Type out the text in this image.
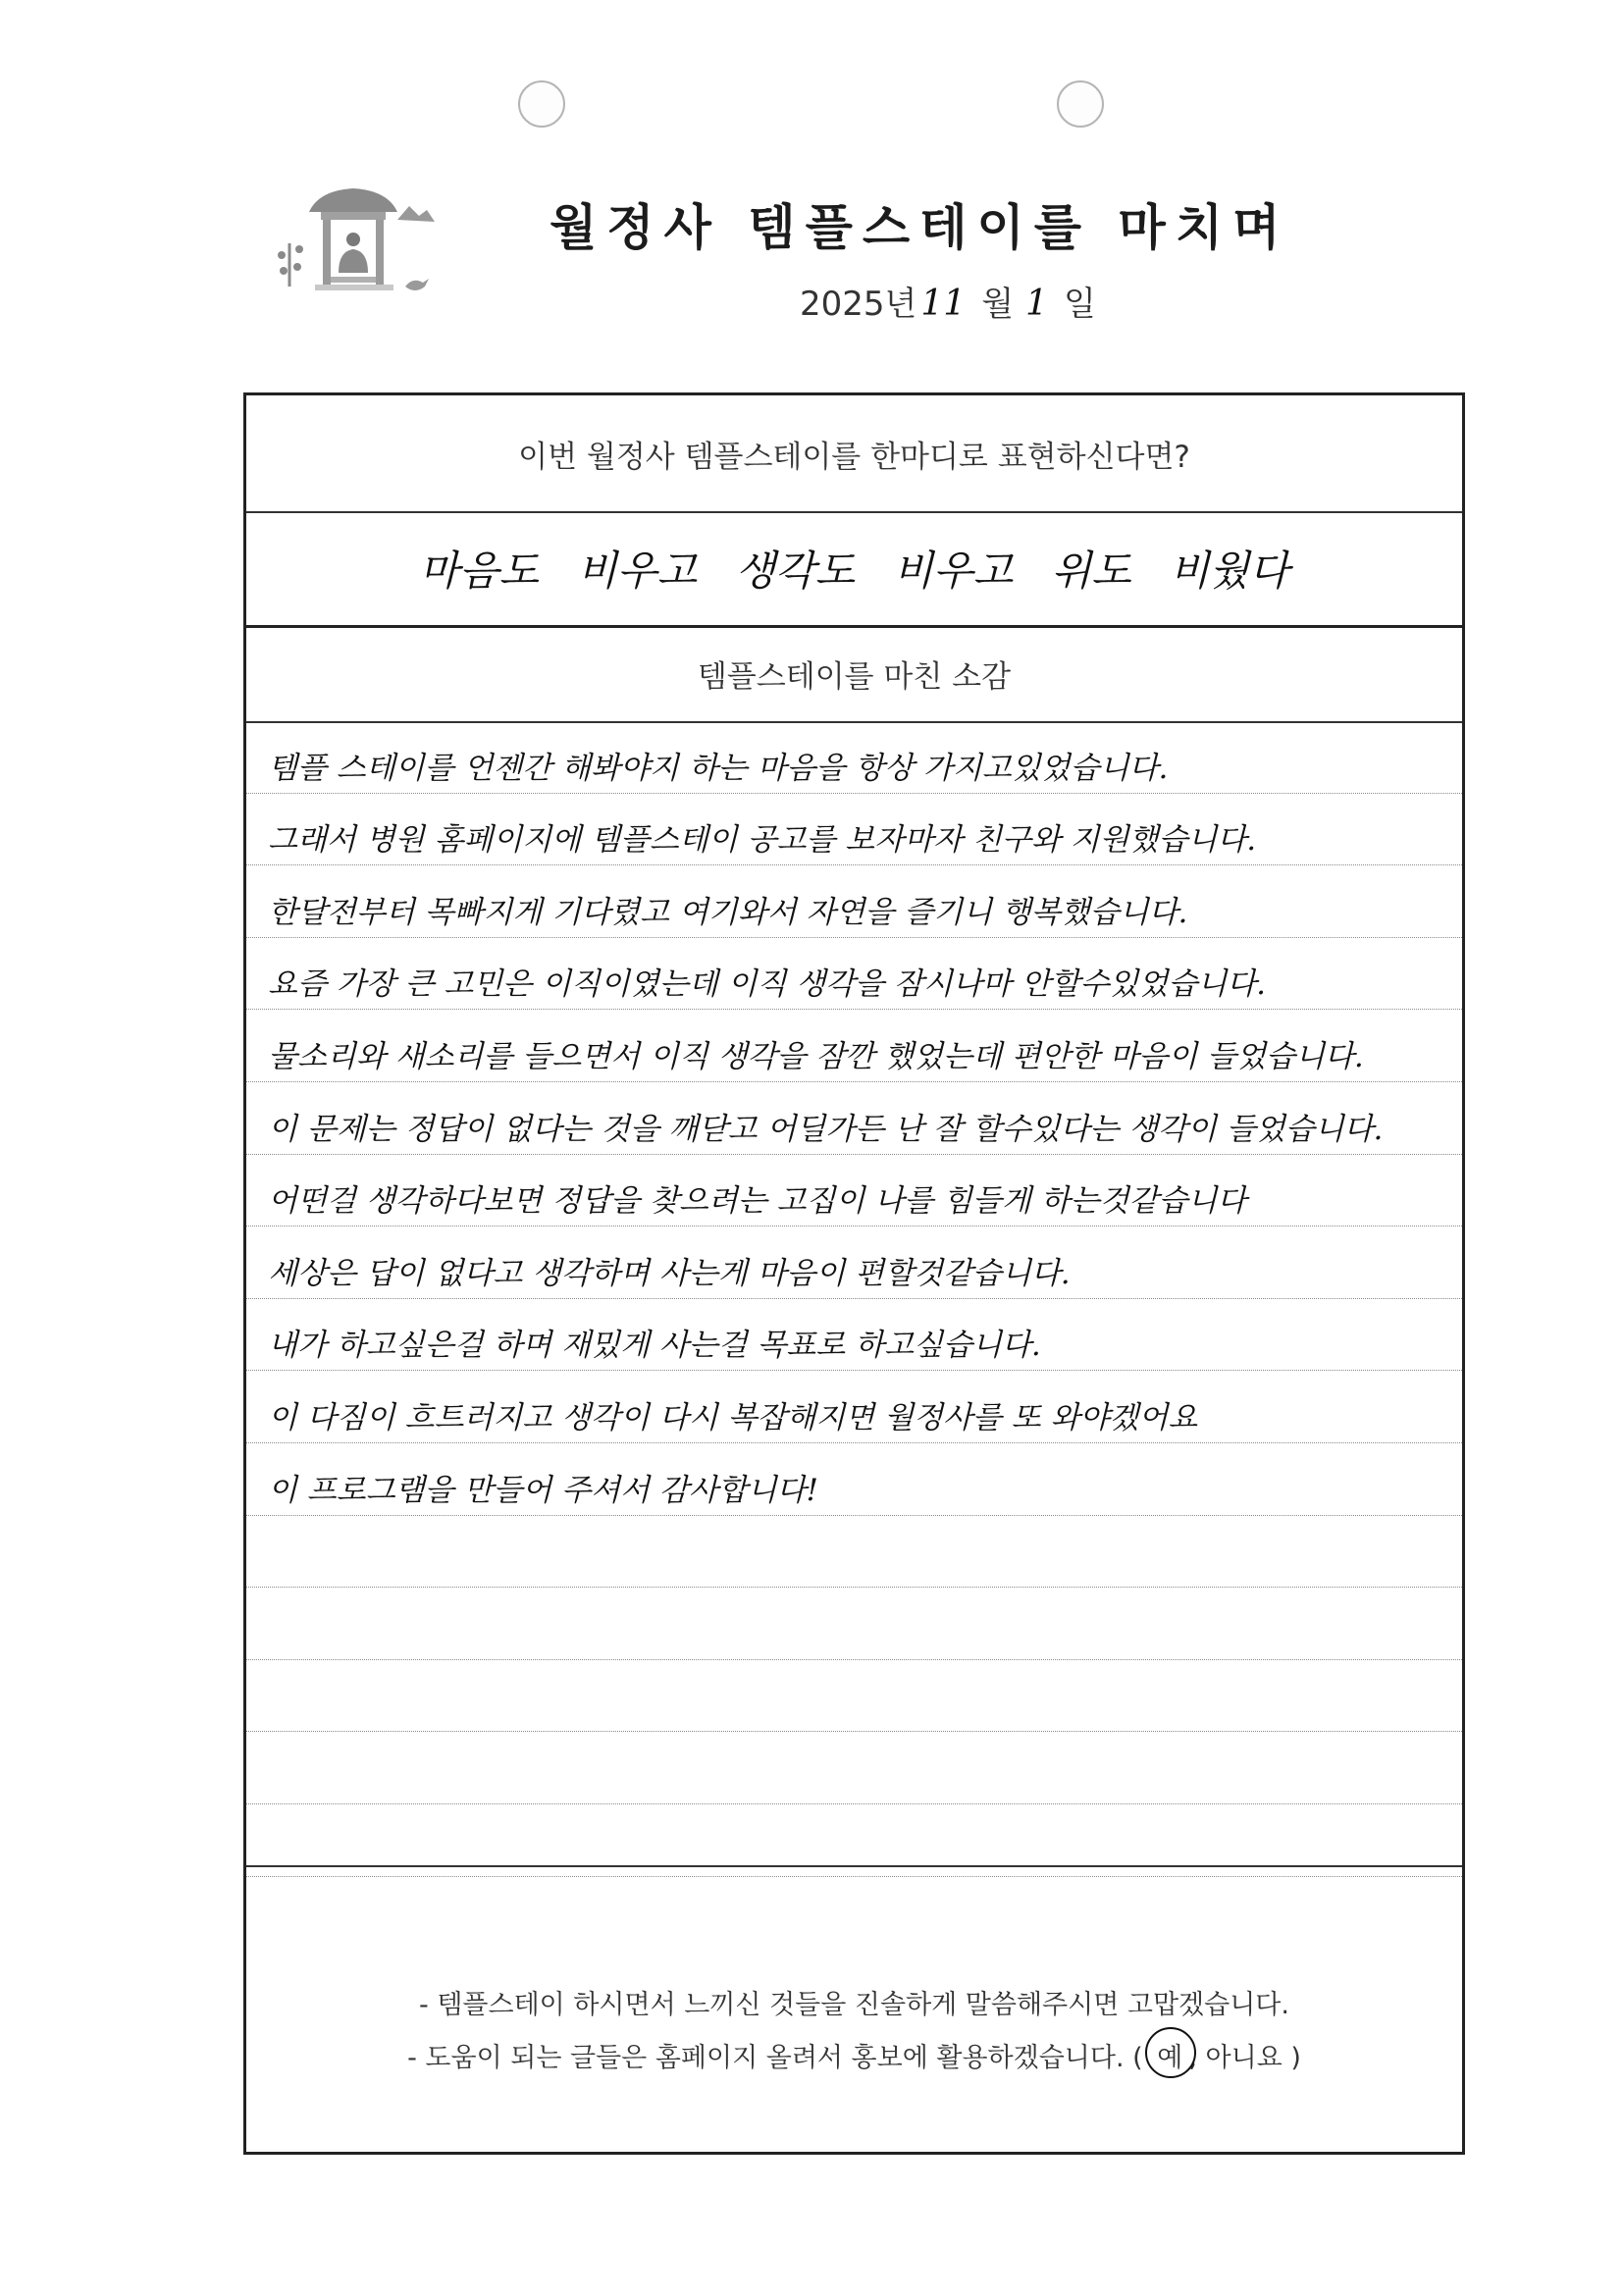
월정사 템플스테이를 마치며
2025년 11 월 1 일
이번 월정사 템플스테이를 한마디로 표현하신다면?
마음도 비우고 생각도 비우고 위도 비웠다
템플스테이를 마친 소감
템플 스테이를 언젠간 해봐야지 하는 마음을 항상 가지고있었습니다.
그래서 병원 홈페이지에 템플스테이 공고를 보자마자 친구와 지원했습니다.
한달전부터 목빠지게 기다렸고 여기와서 자연을 즐기니 행복했습니다.
요즘 가장 큰 고민은 이직이였는데 이직 생각을 잠시나마 안할수있었습니다.
물소리와 새소리를 들으면서 이직 생각을 잠깐 했었는데 편안한 마음이 들었습니다.
이 문제는 정답이 없다는 것을 깨닫고 어딜가든 난 잘 할수있다는 생각이 들었습니다.
어떤걸 생각하다보면 정답을 찾으려는 고집이 나를 힘들게 하는것같습니다
세상은 답이 없다고 생각하며 사는게 마음이 편할것같습니다.
내가 하고싶은걸 하며 재밌게 사는걸 목표로 하고싶습니다.
이 다짐이 흐트러지고 생각이 다시 복잡해지면 월정사를 또 와야겠어요
이 프로그램을 만들어 주셔서 감사합니다!
- 템플스테이 하시면서 느끼신 것들을 진솔하게 말씀해주시면 고맙겠습니다.
- 도움이 되는 글들은 홈페이지 올려서 홍보에 활용하겠습니다. ( 예 , 아니요 )
